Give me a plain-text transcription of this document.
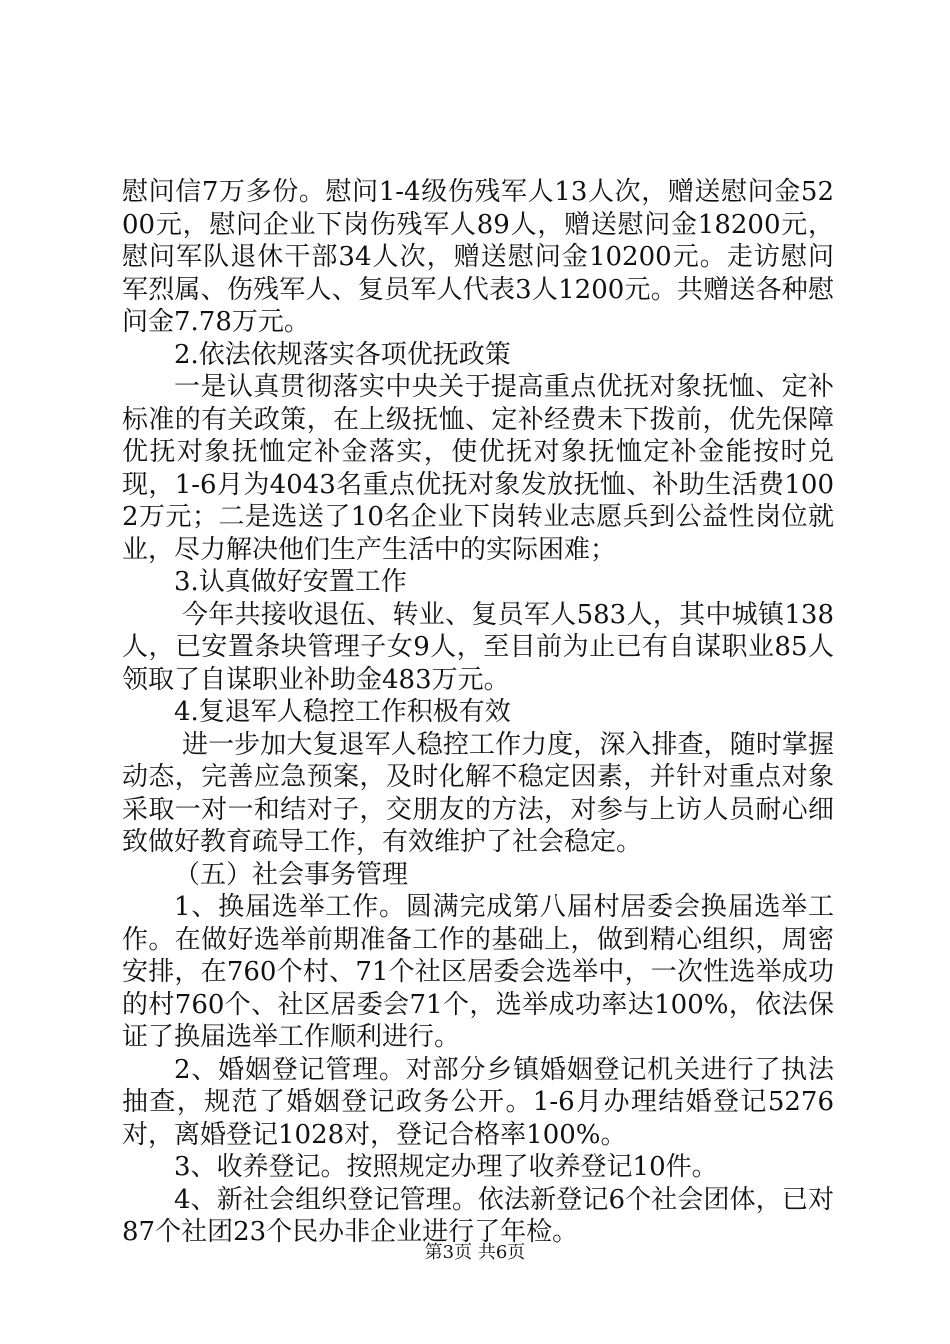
慰问信7万多份。慰问1-4级伤残军人13人次，赠送慰问金5200元，慰问企业下岗伤残军人89人，赠送慰问金18200元，慰问军队退休干部34人次，赠送慰问金10200元。走访慰问军烈属、伤残军人、复员军人代表3人1200元。共赠送各种慰问金7.78万元。

2.依法依规落实各项优抚政策

一是认真贯彻落实中央关于提高重点优抚对象抚恤、定补标准的有关政策，在上级抚恤、定补经费未下拨前，优先保障优抚对象抚恤定补金落实，使优抚对象抚恤定补金能按时兑现，1-6月为4043名重点优抚对象发放抚恤、补助生活费1002万元；二是选送了10名企业下岗转业志愿兵到公益性岗位就业，尽力解决他们生产生活中的实际困难；

3.认真做好安置工作

今年共接收退伍、转业、复员军人583人，其中城镇138人，已安置条块管理子女9人，至目前为止已有自谋职业85人领取了自谋职业补助金483万元。

4.复退军人稳控工作积极有效

进一步加大复退军人稳控工作力度，深入排查，随时掌握动态，完善应急预案，及时化解不稳定因素，并针对重点对象采取一对一和结对子，交朋友的方法，对参与上访人员耐心细致做好教育疏导工作，有效维护了社会稳定。

（五）社会事务管理

1、换届选举工作。圆满完成第八届村居委会换届选举工作。在做好选举前期准备工作的基础上，做到精心组织，周密安排，在760个村、71个社区居委会选举中，一次性选举成功的村760个、社区居委会71个，选举成功率达100%，依法保证了换届选举工作顺利进行。

2、婚姻登记管理。对部分乡镇婚姻登记机关进行了执法抽查，规范了婚姻登记政务公开。1-6月办理结婚登记5276对，离婚登记1028对，登记合格率100%。

3、收养登记。按照规定办理了收养登记10件。

4、新社会组织登记管理。依法新登记6个社会团体，已对87个社团23个民办非企业进行了年检。

第3页 共6页
